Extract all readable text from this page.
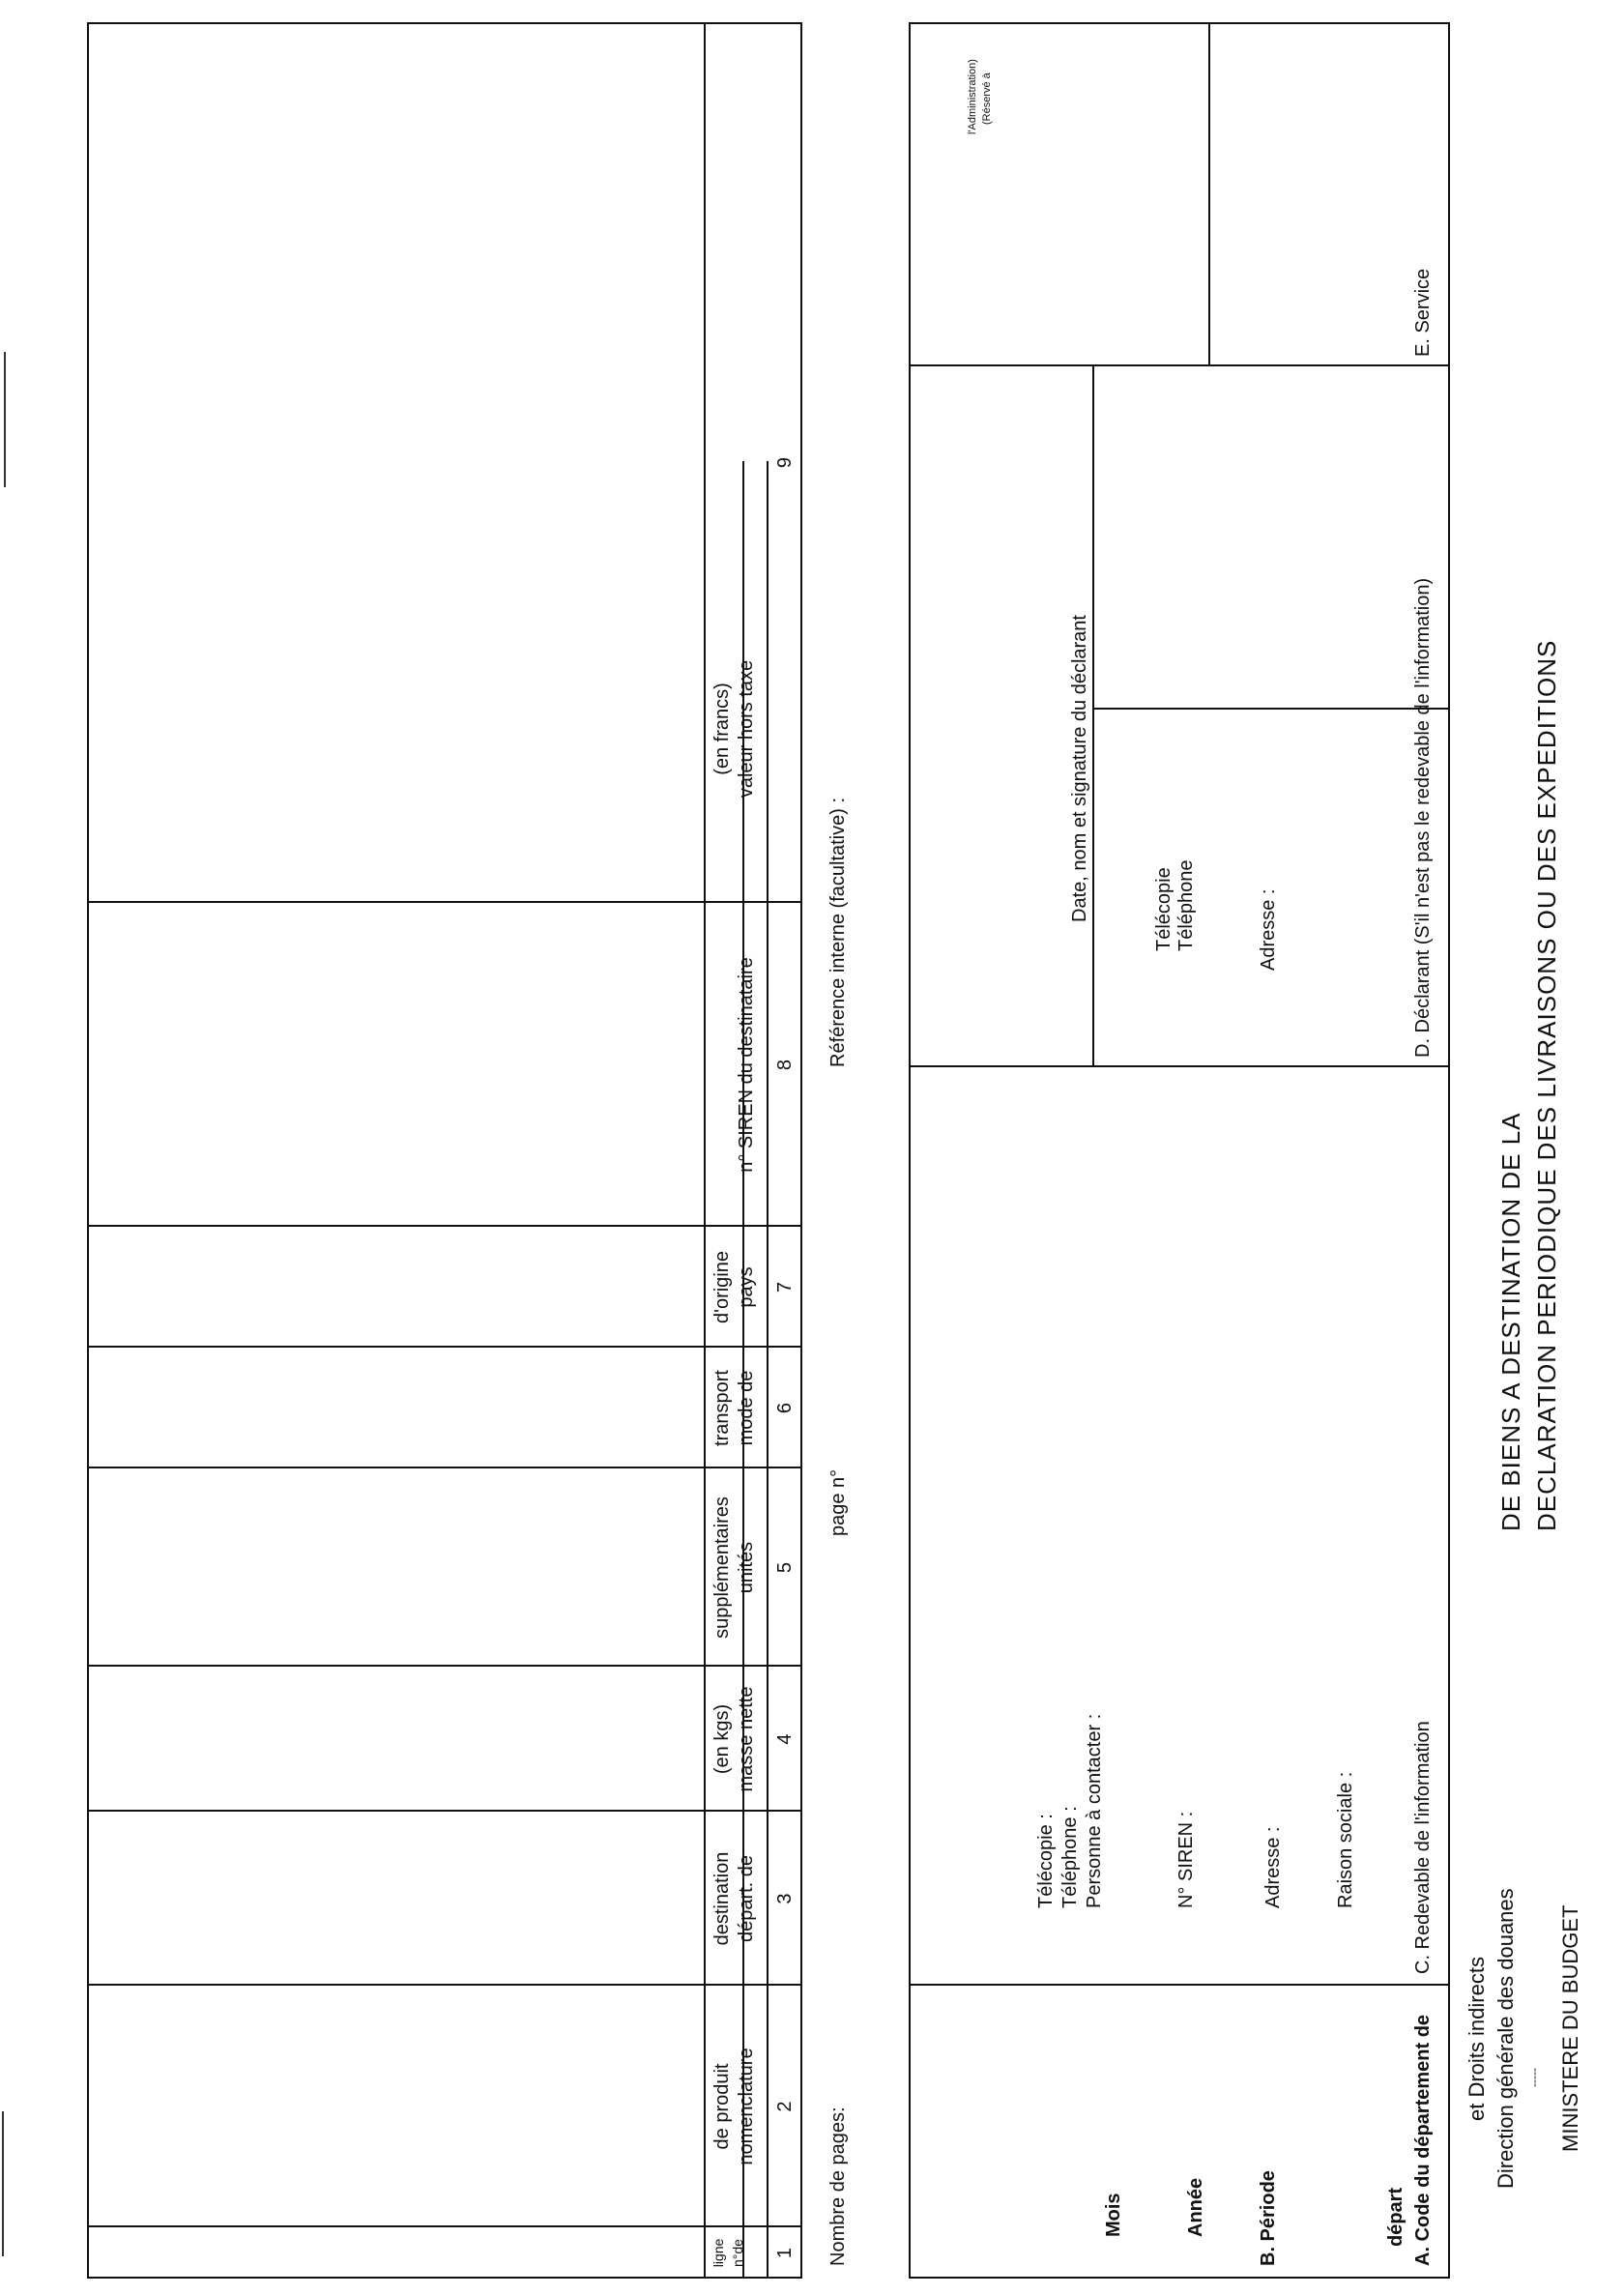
MINISTERE DU BUDGET
-----
Direction générale des douanes
et Droits indirects
DECLARATION PERIODIQUE DES LIVRAISONS OU DES EXPEDITIONS
DE BIENS A DESTINATION DE LA
A. Code du département de
départ
B. Période
Année
Mois
C. Redevable de l'information
Raison sociale :
Adresse :
N° SIREN :
Personne à contacter :
Téléphone :
Télécopie :
D. Déclarant (S'il n'est pas le redevable de l'information)
Adresse :
Téléphone
Télécopie
Date, nom et signature du déclarant
E. Service
(Réservé à
l'Administration)
Nombre de pages:
page n°
Référence interne (facultative) :
1
2
3
4
5
6
7
8
9
n°de
ligne
nomenclature
de produit
départ. de
destination
masse nette
(en kgs)
unités
supplémentaires
mode de
transport
pays
d'origine
n° SIREN du destinataire
valeur hors taxe
(en francs)
